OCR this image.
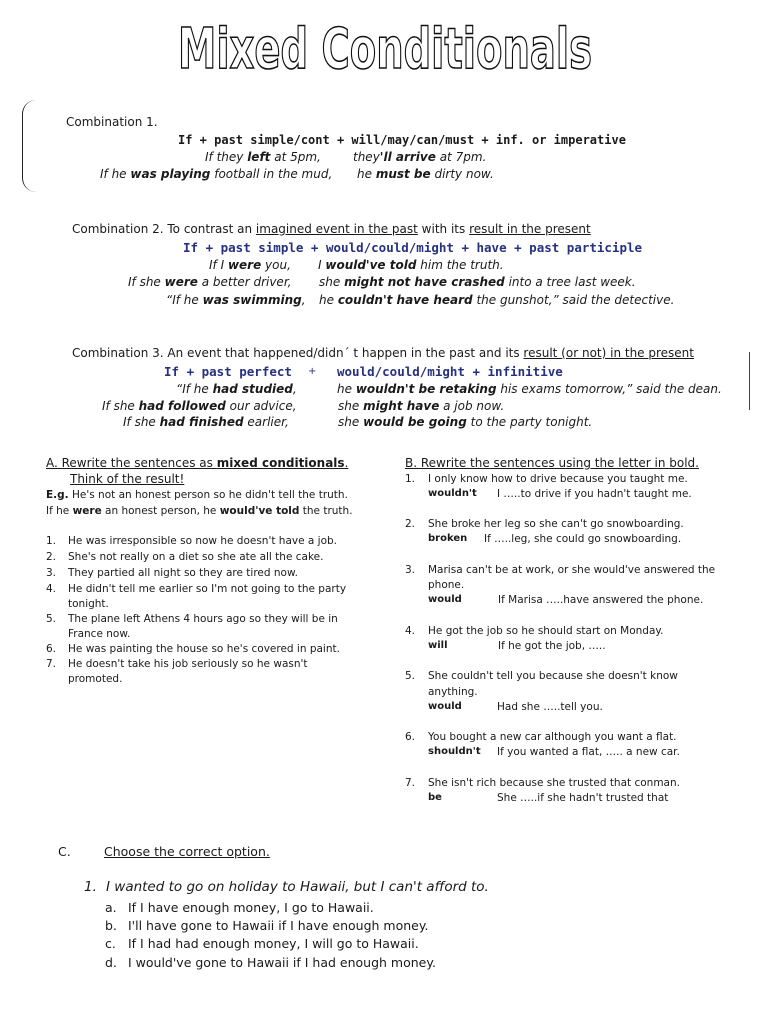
Mixed Conditionals
Combination 1.
If + past simple/cont + will/may/can/must + inf. or imperative
If they left at 5pm,	they'll arrive at 7pm.
If he was playing football in the mud, he must be dirty now.
Combination 2. To contrast an imagined event in the past with its result in the present
If + past simple + would/could/might + have + past participle
If I were you, I would've told him the truth.
If she were a better driver, she might not have crashed into a tree last week.
“If he was swimming, he couldn't have heard the gunshot,” said the detective.
Combination 3. An event that happened/didn´ t happen in the past and its result (or not) in the present
If + past perfect + would/could/might + infinitive
“If he had studied,	he wouldn't be retaking his exams tomorrow,” said the dean.
If she had followed our advice,	she might have a job now.
If she had finished earlier,	she would be going to the party tonight.
A. Rewrite the sentences as mixed conditionals.
Think of the result!
E.g. He's not an honest person so he didn't tell the truth.
If he were an honest person, he would've told the truth.
1. He was irresponsible so now he doesn't have a job.
2. She's not really on a diet so she ate all the cake.
3. They partied all night so they are tired now.
4. He didn't tell me earlier so I'm not going to the party
tonight.
5. The plane left Athens 4 hours ago so they will be in
France now.
6. He was painting the house so he's covered in paint.
7. He doesn't take his job seriously so he wasn't
promoted.
B. Rewrite the sentences using the letter in bold.
1. I only know how to drive because you taught me.
wouldn't I …..to drive if you hadn't taught me.
2. She broke her leg so she can't go snowboarding.
broken If …..leg, she could go snowboarding.
3. Marisa can't be at work, or she would've answered the
phone.
would	If Marisa …..have answered the phone.
4. He got the job so he should start on Monday.
will	If he got the job, …..
5. She couldn't tell you because she doesn't know
anything.
would	Had she …..tell you.
6. You bought a new car although you want a flat.
shouldn't If you wanted a flat, ….. a new car.
7. She isn't rich because she trusted that conman.
be	She …..if she hadn't trusted that
C.	Choose the correct option.
1. I wanted to go on holiday to Hawaii, but I can't afford to.
a. If I have enough money, I go to Hawaii.
b. I'll have gone to Hawaii if I have enough money.
c. If I had had enough money, I will go to Hawaii.
d. I would've gone to Hawaii if I had enough money.
